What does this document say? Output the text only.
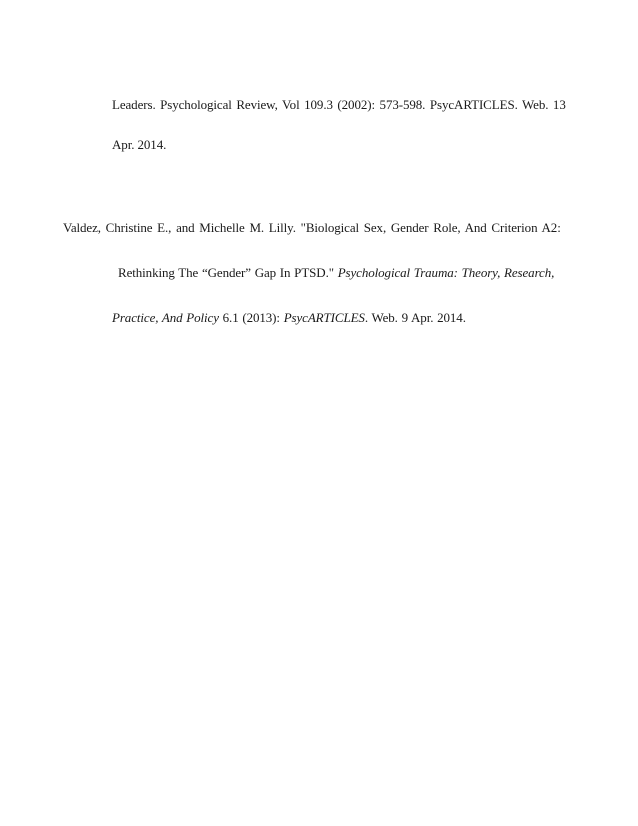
Leaders. Psychological Review, Vol 109.3 (2002): 573-598. PsycARTICLES. Web. 13
Apr. 2014.
Valdez, Christine E., and Michelle M. Lilly. "Biological Sex, Gender Role, And Criterion A2:
Rethinking The “Gender” Gap In PTSD." Psychological Trauma: Theory, Research,
Practice, And Policy 6.1 (2013): PsycARTICLES. Web. 9 Apr. 2014.
